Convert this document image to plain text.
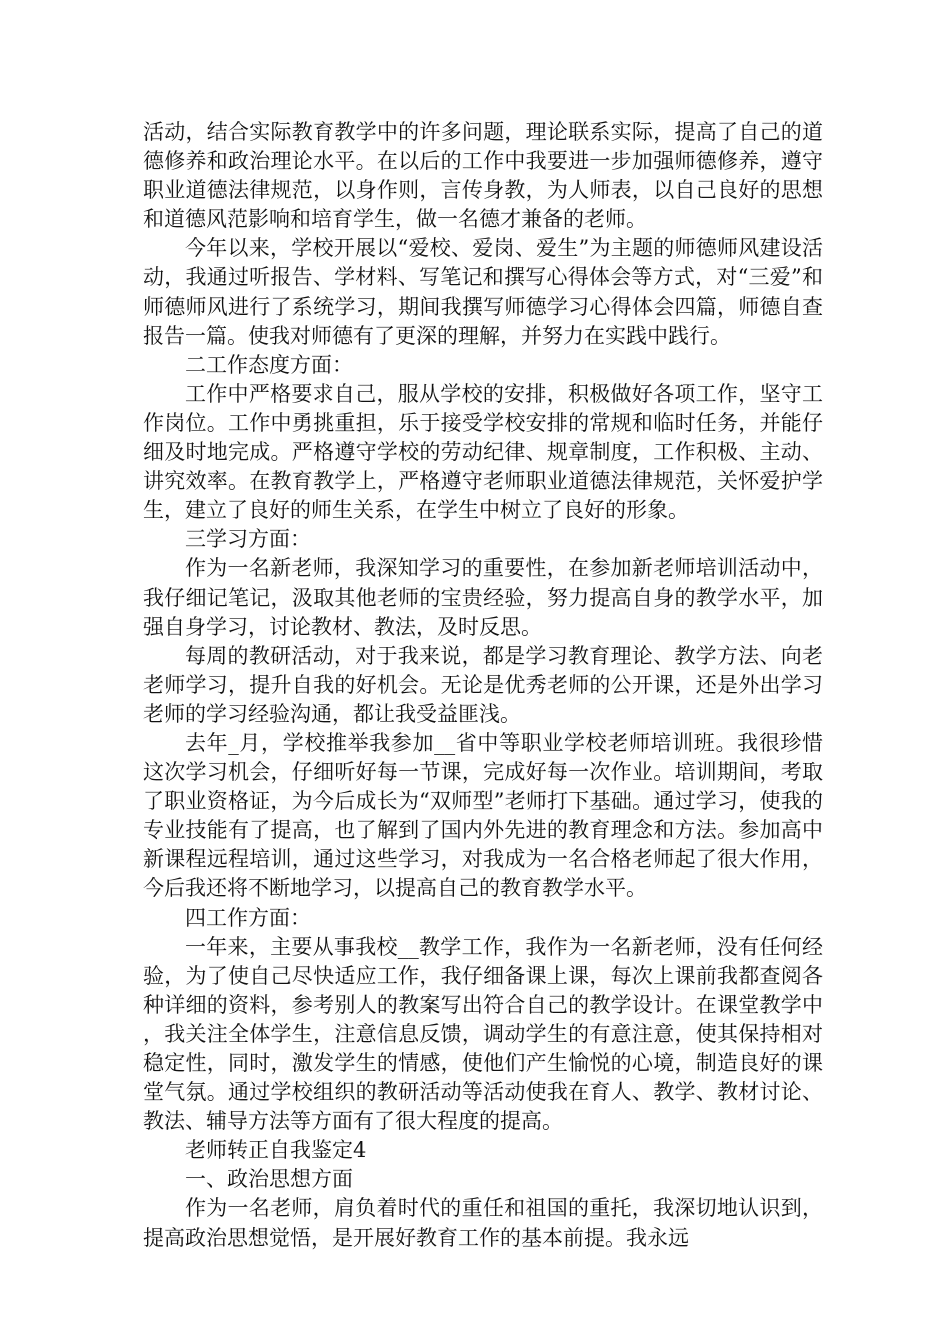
活动，结合实际教育教学中的许多问题，理论联系实际，提高了自己的道德修养和政治理论水平。在以后的工作中我要进一步加强师德修养，遵守职业道德法律规范，以身作则，言传身教，为人师表，以自己良好的思想和道德风范影响和培育学生，做一名德才兼备的老师。

今年以来，学校开展以“爱校、爱岗、爱生”为主题的师德师风建设活动，我通过听报告、学材料、写笔记和撰写心得体会等方式，对“三爱”和师德师风进行了系统学习，期间我撰写师德学习心得体会四篇，师德自查报告一篇。使我对师德有了更深的理解，并努力在实践中践行。

二工作态度方面：

工作中严格要求自己，服从学校的安排，积极做好各项工作，坚守工作岗位。工作中勇挑重担，乐于接受学校安排的常规和临时任务，并能仔细及时地完成。严格遵守学校的劳动纪律、规章制度，工作积极、主动、讲究效率。在教育教学上，严格遵守老师职业道德法律规范，关怀爱护学生，建立了良好的师生关系，在学生中树立了良好的形象。

三学习方面：

作为一名新老师，我深知学习的重要性，在参加新老师培训活动中，我仔细记笔记，汲取其他老师的宝贵经验，努力提高自身的教学水平，加强自身学习，讨论教材、教法，及时反思。

每周的教研活动，对于我来说，都是学习教育理论、教学方法、向老老师学习，提升自我的好机会。无论是优秀老师的公开课，还是外出学习老师的学习经验沟通，都让我受益匪浅。

去年_月，学校推举我参加__省中等职业学校老师培训班。我很珍惜这次学习机会，仔细听好每一节课，完成好每一次作业。培训期间，考取了职业资格证，为今后成长为“双师型”老师打下基础。通过学习，使我的专业技能有了提高，也了解到了国内外先进的教育理念和方法。参加高中新课程远程培训，通过这些学习，对我成为一名合格老师起了很大作用，今后我还将不断地学习，以提高自己的教育教学水平。

四工作方面：

一年来，主要从事我校__教学工作，我作为一名新老师，没有任何经验，为了使自己尽快适应工作，我仔细备课上课，每次上课前我都查阅各种详细的资料，参考别人的教案写出符合自己的教学设计。在课堂教学中，我关注全体学生，注意信息反馈，调动学生的有意注意，使其保持相对稳定性，同时，激发学生的情感，使他们产生愉悦的心境，制造良好的课堂气氛。通过学校组织的教研活动等活动使我在育人、教学、教材讨论、教法、辅导方法等方面有了很大程度的提高。

老师转正自我鉴定4

一、政治思想方面

作为一名老师，肩负着时代的重任和祖国的重托，我深切地认识到，提高政治思想觉悟，是开展好教育工作的基本前提。我永远
